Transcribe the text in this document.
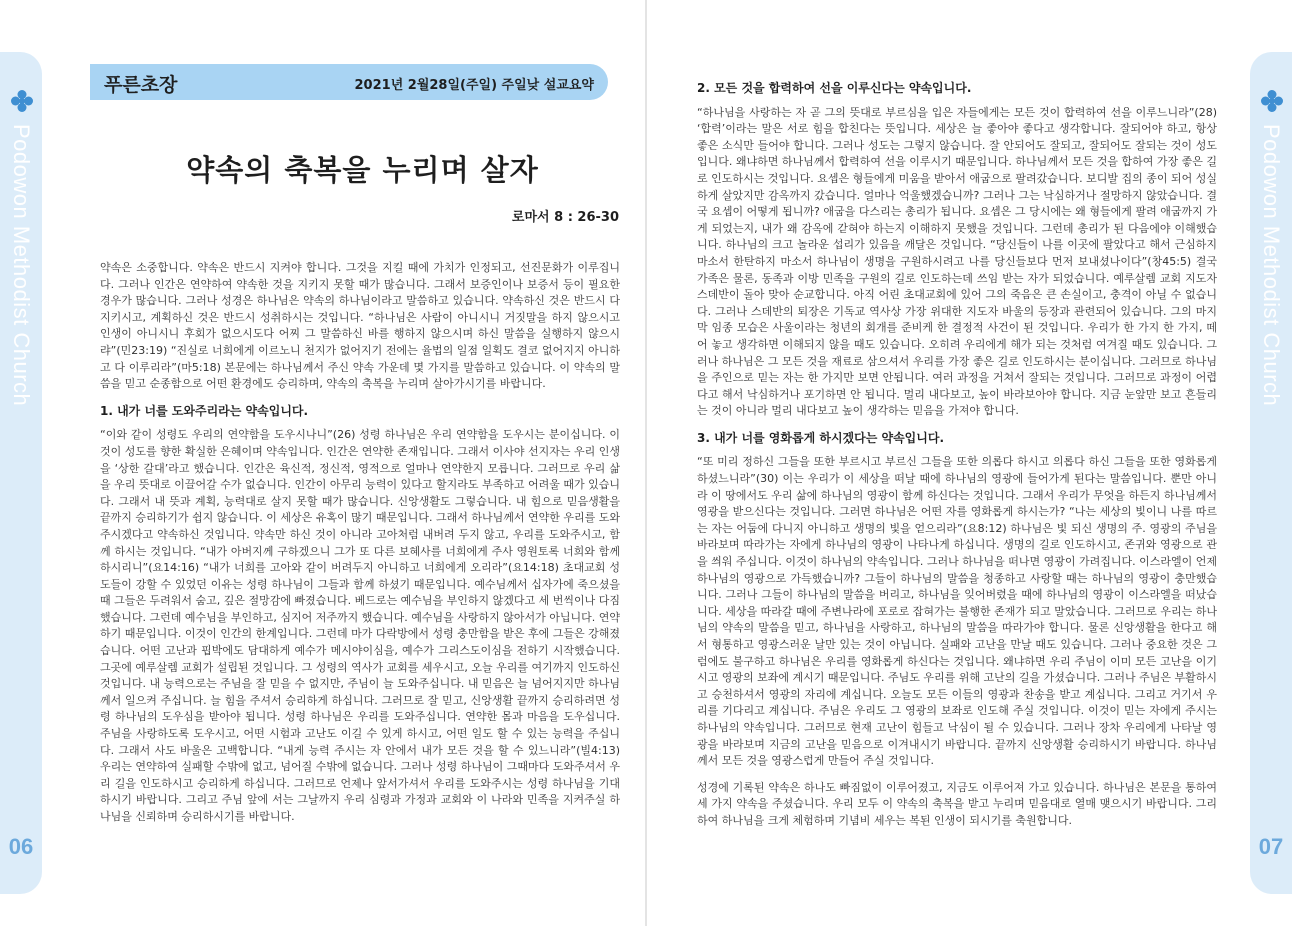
Podowon Methodist Church
06
푸른초장	2021년 2월28일(주일) 주일낮 설교요약
약속의 축복을 누리며 살자
로마서 8 : 26-30

약속은 소중합니다. 약속은 반드시 지켜야 합니다. 그것을 지킬 때에 가치가 인정되고, 선진문화가 이루집니다. 그러나 인간은 연약하여 약속한 것을 지키지 못할 때가 많습니다. 그래서 보증인이나 보증서 등이 필요한 경우가 많습니다. 그러나 성경은 하나님은 약속의 하나님이라고 말씀하고 있습니다. 약속하신 것은 반드시 다 지키시고, 계획하신 것은 반드시 성취하시는 것입니다. “하나님은 사람이 아니시니 거짓말을 하지 않으시고 인생이 아니시니 후회가 없으시도다 어찌 그 말씀하신 바를 행하지 않으시며 하신 말씀을 실행하지 않으시랴”(민23:19) “진실로 너희에게 이르노니 천지가 없어지기 전에는 율법의 일점 일획도 결코 없어지지 아니하고 다 이루리라”(마5:18) 본문에는 하나님께서 주신 약속 가운데 몇 가지를 말씀하고 있습니다. 이 약속의 말씀을 믿고 순종함으로 어떤 환경에도 승리하며, 약속의 축복을 누리며 살아가시기를 바랍니다.

1. 내가 너를 도와주리라는 약속입니다.

“이와 같이 성령도 우리의 연약함을 도우시나니”(26) 성령 하나님은 우리 연약함을 도우시는 분이십니다. 이것이 성도를 향한 확실한 은혜이며 약속입니다. 인간은 연약한 존재입니다. 그래서 이사야 선지자는 우리 인생을 ‘상한 갈대’라고 했습니다. 인간은 육신적, 정신적, 영적으로 얼마나 연약한지 모릅니다. 그러므로 우리 삶을 우리 뜻대로 이끌어갈 수가 없습니다. 인간이 아무리 능력이 있다고 할지라도 부족하고 어려울 때가 있습니다. 그래서 내 뜻과 계획, 능력대로 살지 못할 때가 많습니다. 신앙생활도 그렇습니다. 내 힘으로 믿음생활을 끝까지 승리하기가 쉽지 않습니다. 이 세상은 유혹이 많기 때문입니다. 그래서 하나님께서 연약한 우리를 도와주시겠다고 약속하신 것입니다. 약속만 하신 것이 아니라 고아처럼 내버려 두지 않고, 우리를 도와주시고, 함께 하시는 것입니다. “내가 아버지께 구하겠으니 그가 또 다른 보혜사를 너희에게 주사 영원토록 너희와 함께 하시리니”(요14:16) “내가 너희를 고아와 같이 버려두지 아니하고 너희에게 오리라”(요14:18) 초대교회 성도들이 강할 수 있었던 이유는 성령 하나님이 그들과 함께 하셨기 때문입니다. 예수님께서 십자가에 죽으셨을 때 그들은 두려워서 숨고, 깊은 절망감에 빠졌습니다. 베드로는 예수님을 부인하지 않겠다고 세 번씩이나 다짐했습니다. 그런데 예수님을 부인하고, 심지어 저주까지 했습니다. 예수님을 사랑하지 않아서가 아닙니다. 연약하기 때문입니다. 이것이 인간의 한계입니다. 그런데 마가 다락방에서 성령 충만함을 받은 후에 그들은 강해졌습니다. 어떤 고난과 핍박에도 담대하게 예수가 메시야이심을, 예수가 그리스도이심을 전하기 시작했습니다. 그곳에 예루살렘 교회가 설립된 것입니다. 그 성령의 역사가 교회를 세우시고, 오늘 우리를 여기까지 인도하신 것입니다. 내 능력으로는 주님을 잘 믿을 수 없지만, 주님이 늘 도와주십니다. 내 믿음은 늘 넘어지지만 하나님께서 일으켜 주십니다. 늘 힘을 주셔서 승리하게 하십니다. 그러므로 잘 믿고, 신앙생활 끝까지 승리하려면 성령 하나님의 도우심을 받아야 됩니다. 성령 하나님은 우리를 도와주십니다. 연약한 몸과 마음을 도우십니다. 주님을 사랑하도록 도우시고, 어떤 시험과 고난도 이길 수 있게 하시고, 어떤 일도 할 수 있는 능력을 주십니다. 그래서 사도 바울은 고백합니다. “내게 능력 주시는 자 안에서 내가 모든 것을 할 수 있느니라”(빌4:13) 우리는 연약하여 실패할 수밖에 없고, 넘어질 수밖에 없습니다. 그러나 성령 하나님이 그때마다 도와주셔서 우리 길을 인도하시고 승리하게 하십니다. 그러므로 언제나 앞서가셔서 우리를 도와주시는 성령 하나님을 기대하시기 바랍니다. 그리고 주님 앞에 서는 그날까지 우리 심령과 가정과 교회와 이 나라와 민족을 지켜주실 하나님을 신뢰하며 승리하시기를 바랍니다.

2. 모든 것을 합력하여 선을 이루신다는 약속입니다.

“하나님을 사랑하는 자 곧 그의 뜻대로 부르심을 입은 자들에게는 모든 것이 합력하여 선을 이루느니라”(28) ‘합력’이라는 말은 서로 힘을 합친다는 뜻입니다. 세상은 늘 좋아야 좋다고 생각합니다. 잘되어야 하고, 항상 좋은 소식만 들어야 합니다. 그러나 성도는 그렇지 않습니다. 잘 안되어도 잘되고, 잘되어도 잘되는 것이 성도입니다. 왜냐하면 하나님께서 합력하여 선을 이루시기 때문입니다. 하나님께서 모든 것을 합하여 가장 좋은 길로 인도하시는 것입니다. 요셉은 형들에게 미움을 받아서 애굽으로 팔려갔습니다. 보디발 집의 종이 되어 성실하게 살았지만 감옥까지 갔습니다. 얼마나 억울했겠습니까? 그러나 그는 낙심하거나 절망하지 않았습니다. 결국 요셉이 어떻게 됩니까? 애굽을 다스리는 총리가 됩니다. 요셉은 그 당시에는 왜 형들에게 팔려 애굽까지 가게 되었는지, 내가 왜 감옥에 갇혀야 하는지 이해하지 못했을 것입니다. 그런데 총리가 된 다음에야 이해했습니다. 하나님의 크고 놀라운 섭리가 있음을 깨달은 것입니다. “당신들이 나를 이곳에 팔았다고 해서 근심하지 마소서 한탄하지 마소서 하나님이 생명을 구원하시려고 나를 당신들보다 먼저 보내셨나이다”(창45:5) 결국 가족은 물론, 동족과 이방 민족을 구원의 길로 인도하는데 쓰임 받는 자가 되었습니다. 예루살렘 교회 지도자 스데반이 돌아 맞아 순교합니다. 아직 어린 초대교회에 있어 그의 죽음은 큰 손실이고, 충격이 아닐 수 없습니다. 그러나 스데반의 퇴장은 기독교 역사상 가장 위대한 지도자 바울의 등장과 관련되어 있습니다. 그의 마지막 임종 모습은 사울이라는 청년의 회개를 준비케 한 결정적 사건이 된 것입니다. 우리가 한 가지 한 가지, 떼어 놓고 생각하면 이해되지 않을 때도 있습니다. 오히려 우리에게 해가 되는 것처럼 여겨질 때도 있습니다. 그러나 하나님은 그 모든 것을 재료로 삼으셔서 우리를 가장 좋은 길로 인도하시는 분이십니다. 그러므로 하나님을 주인으로 믿는 자는 한 가지만 보면 안됩니다. 여러 과정을 거쳐서 잘되는 것입니다. 그러므로 과정이 어렵다고 해서 낙심하거나 포기하면 안 됩니다. 멀리 내다보고, 높이 바라보아야 합니다. 지금 눈앞만 보고 흔들리는 것이 아니라 멀리 내다보고 높이 생각하는 믿음을 가져야 합니다.

3. 내가 너를 영화롭게 하시겠다는 약속입니다.

“또 미리 정하신 그들을 또한 부르시고 부르신 그들을 또한 의롭다 하시고 의롭다 하신 그들을 또한 영화롭게 하셨느니라”(30) 이는 우리가 이 세상을 떠날 때에 하나님의 영광에 들어가게 된다는 말씀입니다. 뿐만 아니라 이 땅에서도 우리 삶에 하나님의 영광이 함께 하신다는 것입니다. 그래서 우리가 무엇을 하든지 하나님께서 영광을 받으신다는 것입니다. 그러면 하나님은 어떤 자를 영화롭게 하시는가? “나는 세상의 빛이니 나를 따르는 자는 어둠에 다니지 아니하고 생명의 빛을 얻으리라”(요8:12) 하나님은 빛 되신 생명의 주. 영광의 주님을 바라보며 따라가는 자에게 하나님의 영광이 나타나게 하십니다. 생명의 길로 인도하시고, 존귀와 영광으로 관을 씌워 주십니다. 이것이 하나님의 약속입니다. 그러나 하나님을 떠나면 영광이 가려집니다. 이스라엘이 언제 하나님의 영광으로 가득했습니까? 그들이 하나님의 말씀을 청종하고 사랑할 때는 하나님의 영광이 충만했습니다. 그러나 그들이 하나님의 말씀을 버리고, 하나님을 잊어버렸을 때에 하나님의 영광이 이스라엘을 떠났습니다. 세상을 따라갈 때에 주변나라에 포로로 잡혀가는 불행한 존재가 되고 말았습니다. 그러므로 우리는 하나님의 약속의 말씀을 믿고, 하나님을 사랑하고, 하나님의 말씀을 따라가야 합니다. 물론 신앙생활을 한다고 해서 형통하고 영광스러운 날만 있는 것이 아닙니다. 실패와 고난을 만날 때도 있습니다. 그러나 중요한 것은 그럼에도 불구하고 하나님은 우리를 영화롭게 하신다는 것입니다. 왜냐하면 우리 주님이 이미 모든 고난을 이기시고 영광의 보좌에 계시기 때문입니다. 주님도 우리를 위해 고난의 길을 가셨습니다. 그러나 주님은 부활하시고 승천하셔서 영광의 자리에 계십니다. 오늘도 모든 이들의 영광과 찬송을 받고 계십니다. 그리고 거기서 우리를 기다리고 계십니다. 주님은 우리도 그 영광의 보좌로 인도해 주실 것입니다. 이것이 믿는 자에게 주시는 하나님의 약속입니다. 그러므로 현재 고난이 힘들고 낙심이 될 수 있습니다. 그러나 장차 우리에게 나타날 영광을 바라보며 지금의 고난을 믿음으로 이겨내시기 바랍니다. 끝까지 신앙생활 승리하시기 바랍니다. 하나님께서 모든 것을 영광스럽게 만들어 주실 것입니다.

성경에 기록된 약속은 하나도 빠짐없이 이루어졌고, 지금도 이루어져 가고 있습니다. 하나님은 본문을 통하여 세 가지 약속을 주셨습니다. 우리 모두 이 약속의 축복을 받고 누리며 믿음대로 열매 맺으시기 바랍니다. 그리하여 하나님을 크게 체험하며 기념비 세우는 복된 인생이 되시기를 축원합니다.

Podowon Methodist Church
07
